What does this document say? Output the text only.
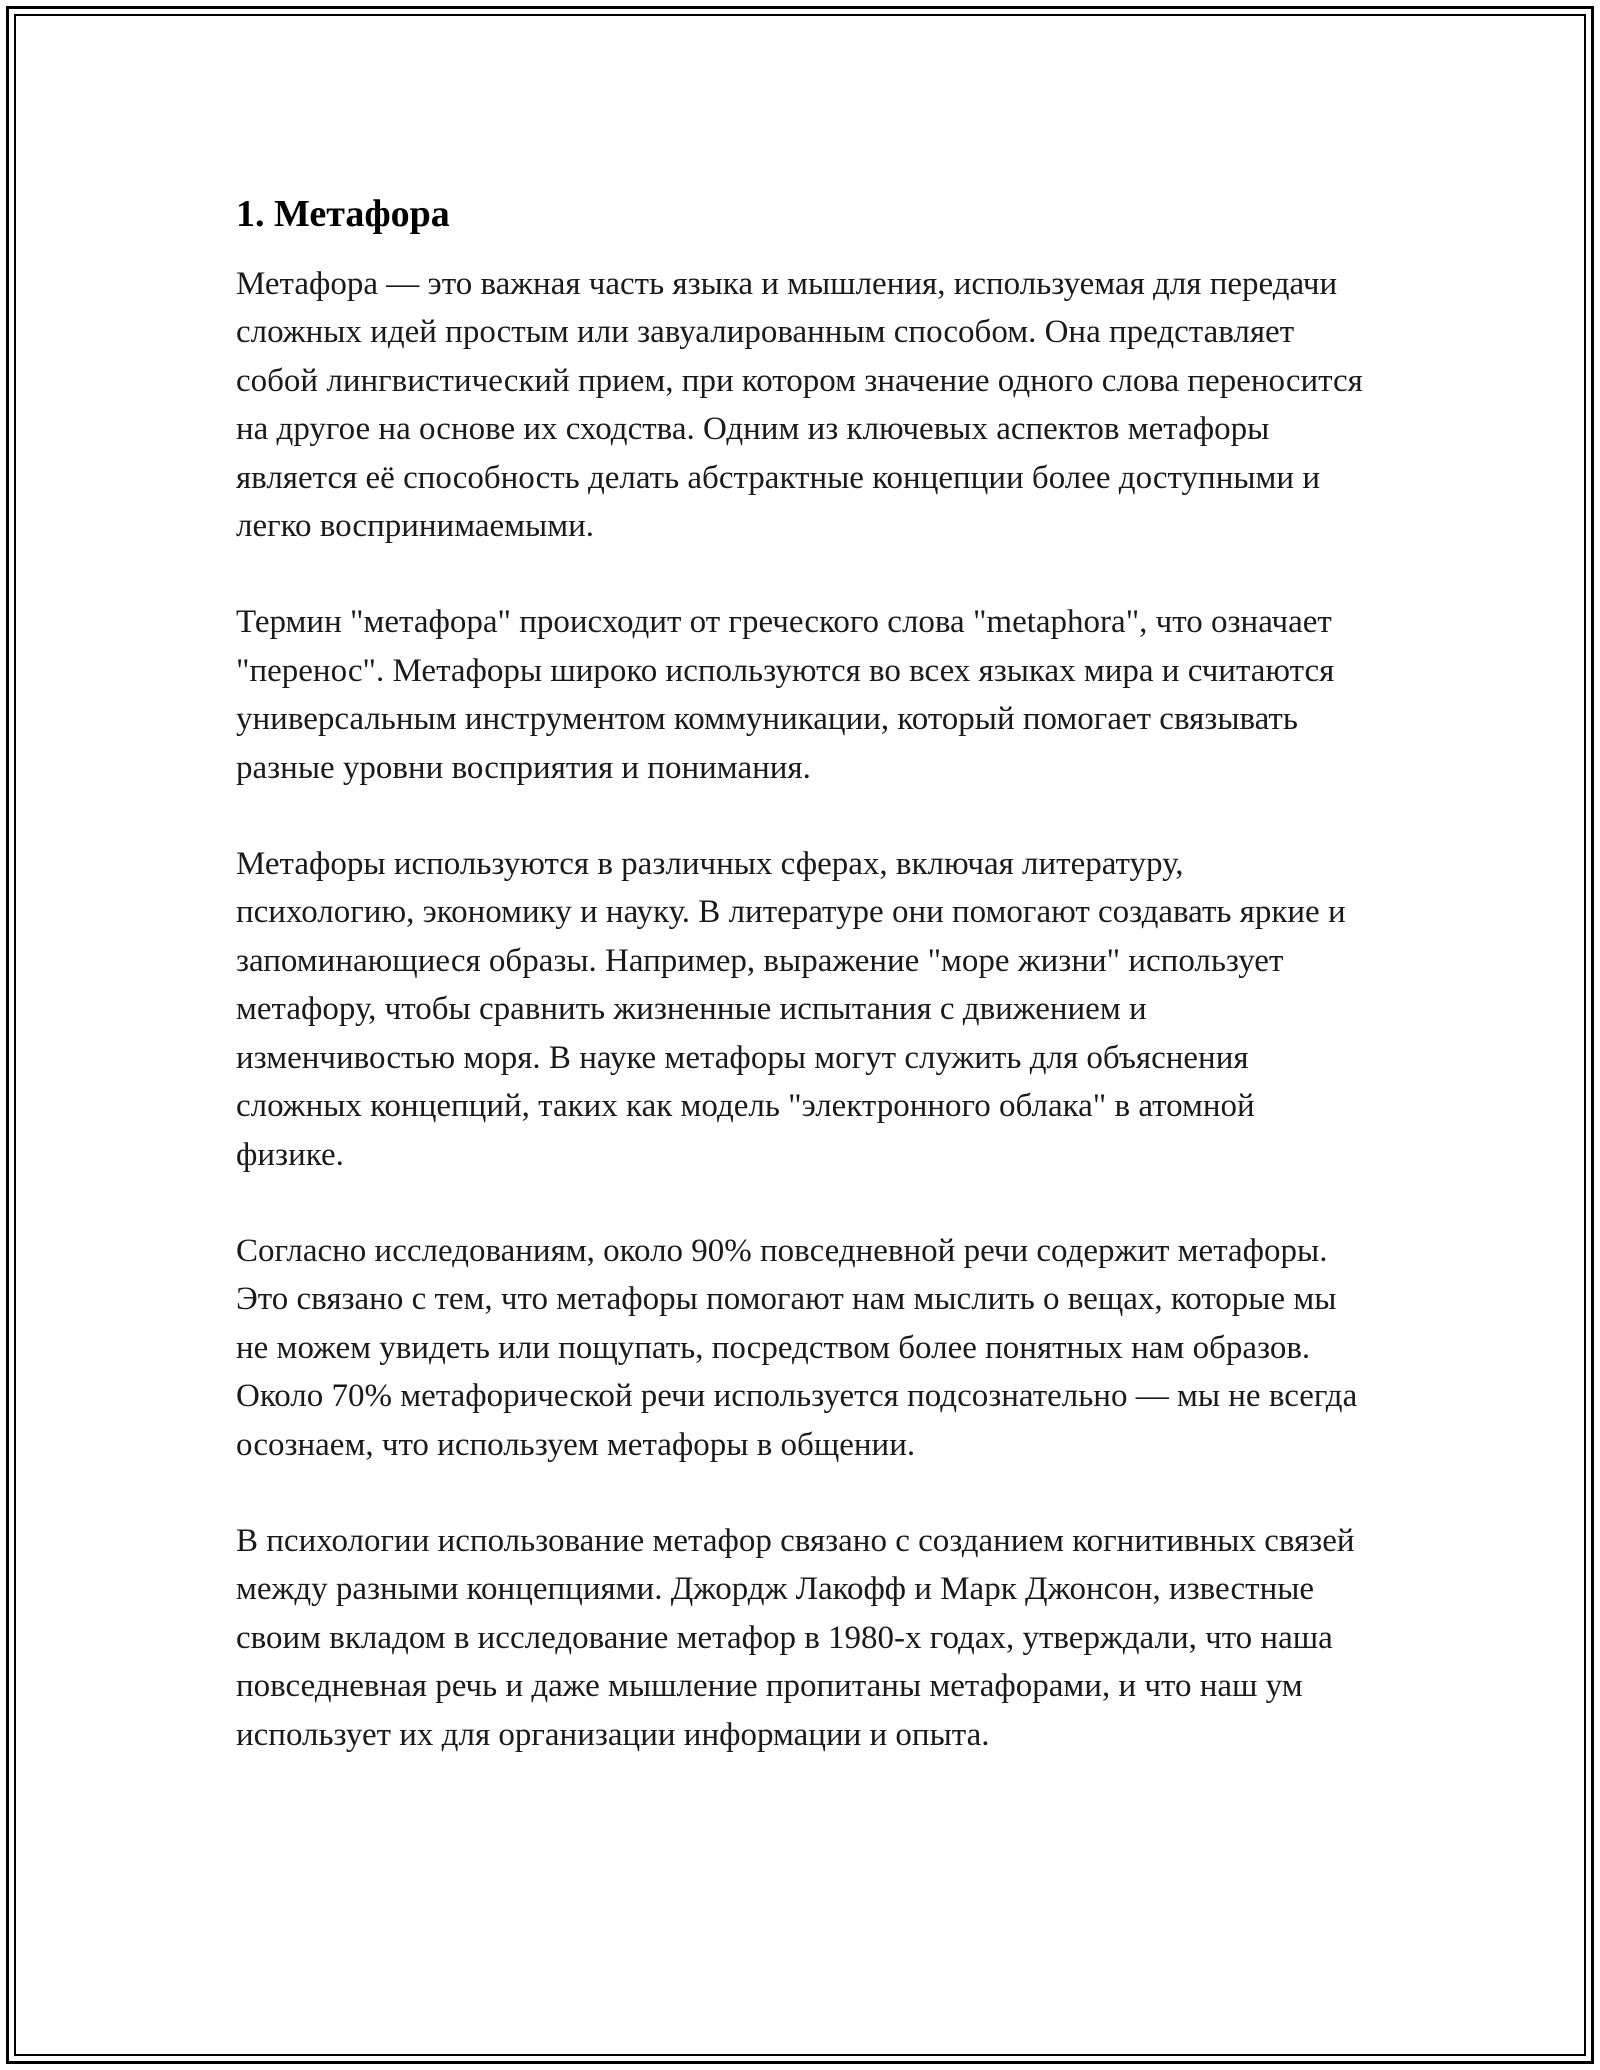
1. Метафора

Метафора — это важная часть языка и мышления, используемая для передачи сложных идей простым или завуалированным способом. Она представляет собой лингвистический прием, при котором значение одного слова переносится на другое на основе их сходства. Одним из ключевых аспектов метафоры является её способность делать абстрактные концепции более доступными и легко воспринимаемыми.

Термин "метафора" происходит от греческого слова "metaphora", что означает "перенос". Метафоры широко используются во всех языках мира и считаются универсальным инструментом коммуникации, который помогает связывать разные уровни восприятия и понимания.

Метафоры используются в различных сферах, включая литературу, психологию, экономику и науку. В литературе они помогают создавать яркие и запоминающиеся образы. Например, выражение "море жизни" использует метафору, чтобы сравнить жизненные испытания с движением и изменчивостью моря. В науке метафоры могут служить для объяснения сложных концепций, таких как модель "электронного облака" в атомной физике.

Согласно исследованиям, около 90% повседневной речи содержит метафоры. Это связано с тем, что метафоры помогают нам мыслить о вещах, которые мы не можем увидеть или пощупать, посредством более понятных нам образов. Около 70% метафорической речи используется подсознательно — мы не всегда осознаем, что используем метафоры в общении.

В психологии использование метафор связано с созданием когнитивных связей между разными концепциями. Джордж Лакофф и Марк Джонсон, известные своим вкладом в исследование метафор в 1980-х годах, утверждали, что наша повседневная речь и даже мышление пропитаны метафорами, и что наш ум использует их для организации информации и опыта.
